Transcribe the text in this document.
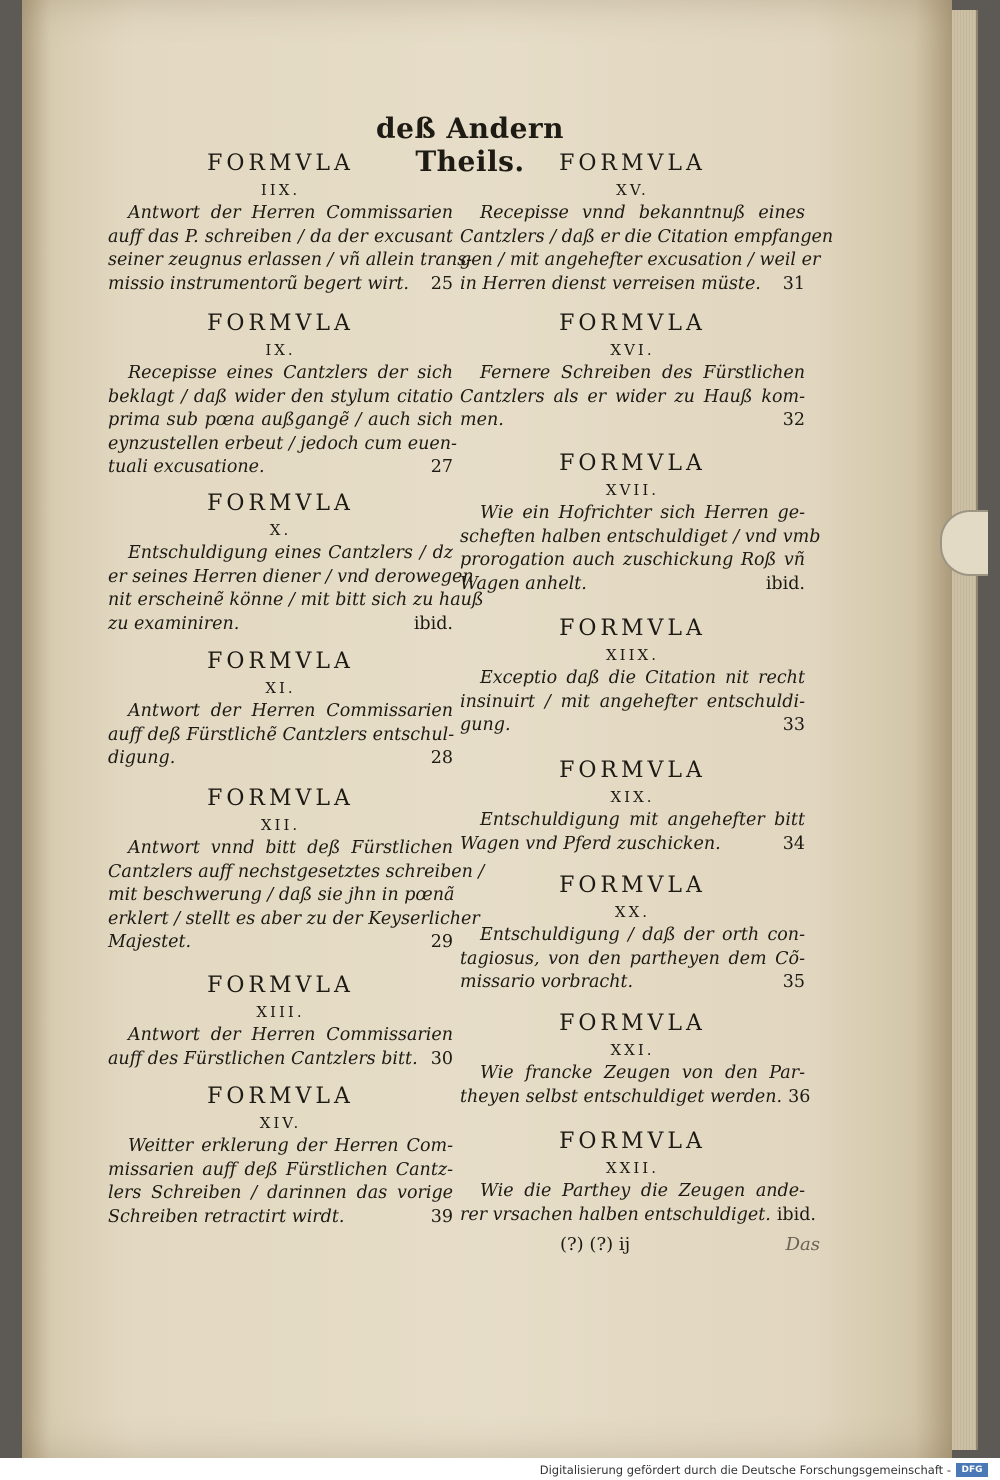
deß Andern Theils.
FORMVLA
IIX.
Antwort der Herren Commissarien
auff das P. schreiben / da der excusant
seiner zeugnus erlassen / vñ allein trans-
missio instrumentorũ begert wirt.	25
FORMVLA
IX.
Recepisse eines Cantzlers der sich
beklagt / daß wider den stylum citatio
prima sub pœna außgangẽ / auch sich
eynzustellen erbeut / jedoch cum euen-
tuali excusatione.	27
FORMVLA
X.
Entschuldigung eines Cantzlers / dz
er seines Herren diener / vnd derowegen
nit erscheinẽ könne / mit bitt sich zu hauß
zu examiniren.	ibid.
FORMVLA
XI.
Antwort der Herren Commissarien
auff deß Fürstlichẽ Cantzlers entschul-
digung.	28
FORMVLA
XII.
Antwort vnnd bitt deß Fürstlichen
Cantzlers auff nechstgesetztes schreiben /
mit beschwerung / daß sie jhn in pœnã
erklert / stellt es aber zu der Keyserlicher
Majestet.	29
FORMVLA
XIII.
Antwort der Herren Commissarien
auff des Fürstlichen Cantzlers bitt. 30
FORMVLA
XIV.
Weitter erklerung der Herren Com-
missarien auff deß Fürstlichen Cantz-
lers Schreiben / darinnen das vorige
Schreiben retractirt wirdt.	39
FORMVLA
XV.
Recepisse vnnd bekanntnuß eines
Cantzlers / daß er die Citation empfangen
gen / mit angehefter excusation / weil er
in Herren dienst verreisen müste.	31
FORMVLA
XVI.
Fernere Schreiben des Fürstlichen
Cantzlers als er wider zu Hauß kom-
men.	32
FORMVLA
XVII.
Wie ein Hofrichter sich Herren ge-
scheften halben entschuldiget / vnd vmb
prorogation auch zuschickung Roß vñ
Wagen anhelt.	ibid.
FORMVLA
XIIX.
Exceptio daß die Citation nit recht
insinuirt / mit angehefter entschuldi-
gung.	33
FORMVLA
XIX.
Entschuldigung mit angehefter bitt
Wagen vnd Pferd zuschicken.	34
FORMVLA
XX.
Entschuldigung / daß der orth con-
tagiosus, von den partheyen dem Cõ-
missario vorbracht.	35
FORMVLA
XXI.
Wie francke Zeugen von den Par-
theyen selbst entschuldiget werden. 36
FORMVLA
XXII.
Wie die Parthey die Zeugen ande-
rer vrsachen halben entschuldiget. ibid.
(?) (?) ij	Das
Digitalisierung gefördert durch die Deutsche Forschungsgemeinschaft -	DFG
